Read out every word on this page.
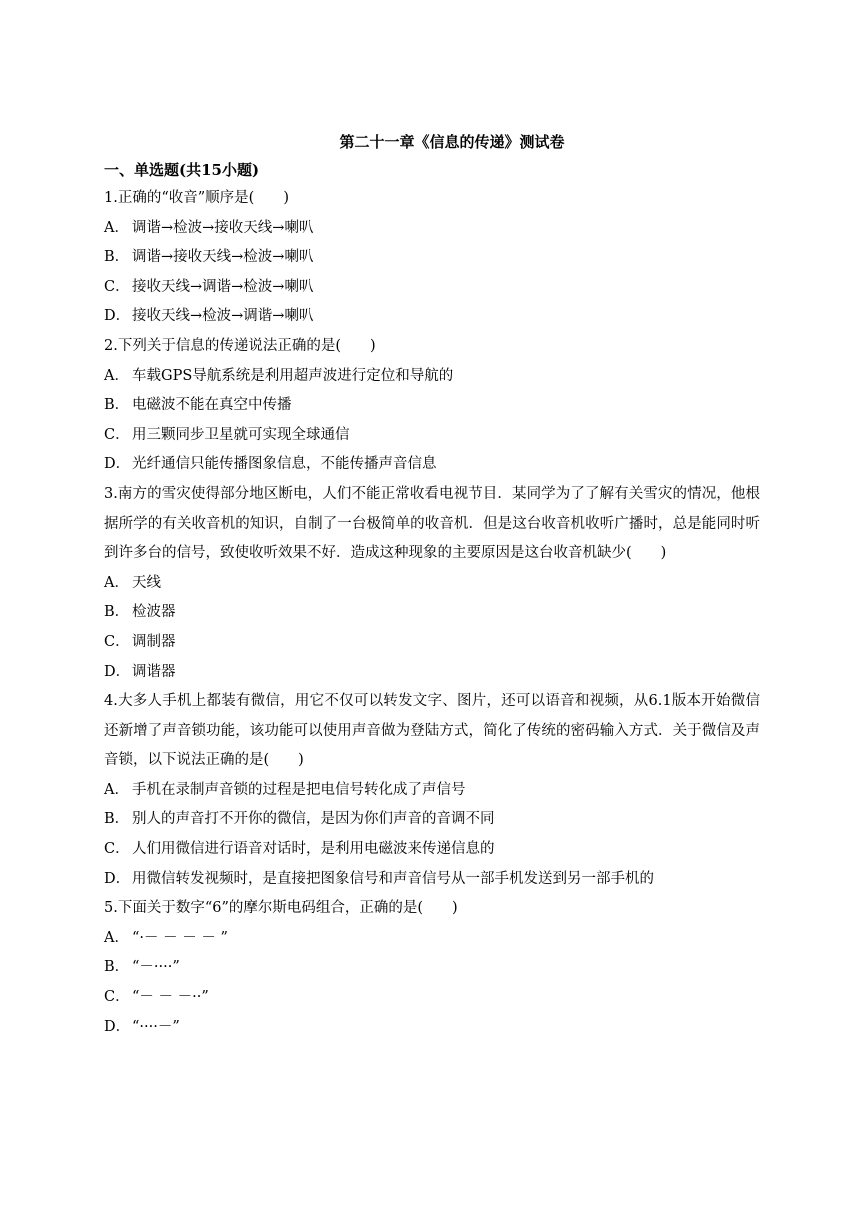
第二十一章《信息的传递》测试卷
一、单选题(共15小题)
1.正确的“收音”顺序是(　　)
A． 调谐→检波→接收天线→喇叭
B． 调谐→接收天线→检波→喇叭
C． 接收天线→调谐→检波→喇叭
D． 接收天线→检波→调谐→喇叭
2.下列关于信息的传递说法正确的是(　　)
A． 车载GPS导航系统是利用超声波进行定位和导航的
B． 电磁波不能在真空中传播
C． 用三颗同步卫星就可实现全球通信
D． 光纤通信只能传播图象信息，不能传播声音信息
3.南方的雪灾使得部分地区断电，人们不能正常收看电视节目．某同学为了了解有关雪灾的情况，他根据所学的有关收音机的知识，自制了一台极简单的收音机．但是这台收音机收听广播时，总是能同时听到许多台的信号，致使收听效果不好．造成这种现象的主要原因是这台收音机缺少(　　)
A． 天线
B． 检波器
C． 调制器
D． 调谐器
4.大多人手机上都装有微信，用它不仅可以转发文字、图片，还可以语音和视频，从6.1版本开始微信还新增了声音锁功能，该功能可以使用声音做为登陆方式，简化了传统的密码输入方式．关于微信及声音锁，以下说法正确的是(　　)
A． 手机在录制声音锁的过程是把电信号转化成了声信号
B． 别人的声音打不开你的微信，是因为你们声音的音调不同
C． 人们用微信进行语音对话时，是利用电磁波来传递信息的
D． 用微信转发视频时，是直接把图象信号和声音信号从一部手机发送到另一部手机的
5.下面关于数字“6”的摩尔斯电码组合，正确的是(　　)
A． “·－ － － － ”
B． “－····”
C． “－ － －··”
D． “····－”
